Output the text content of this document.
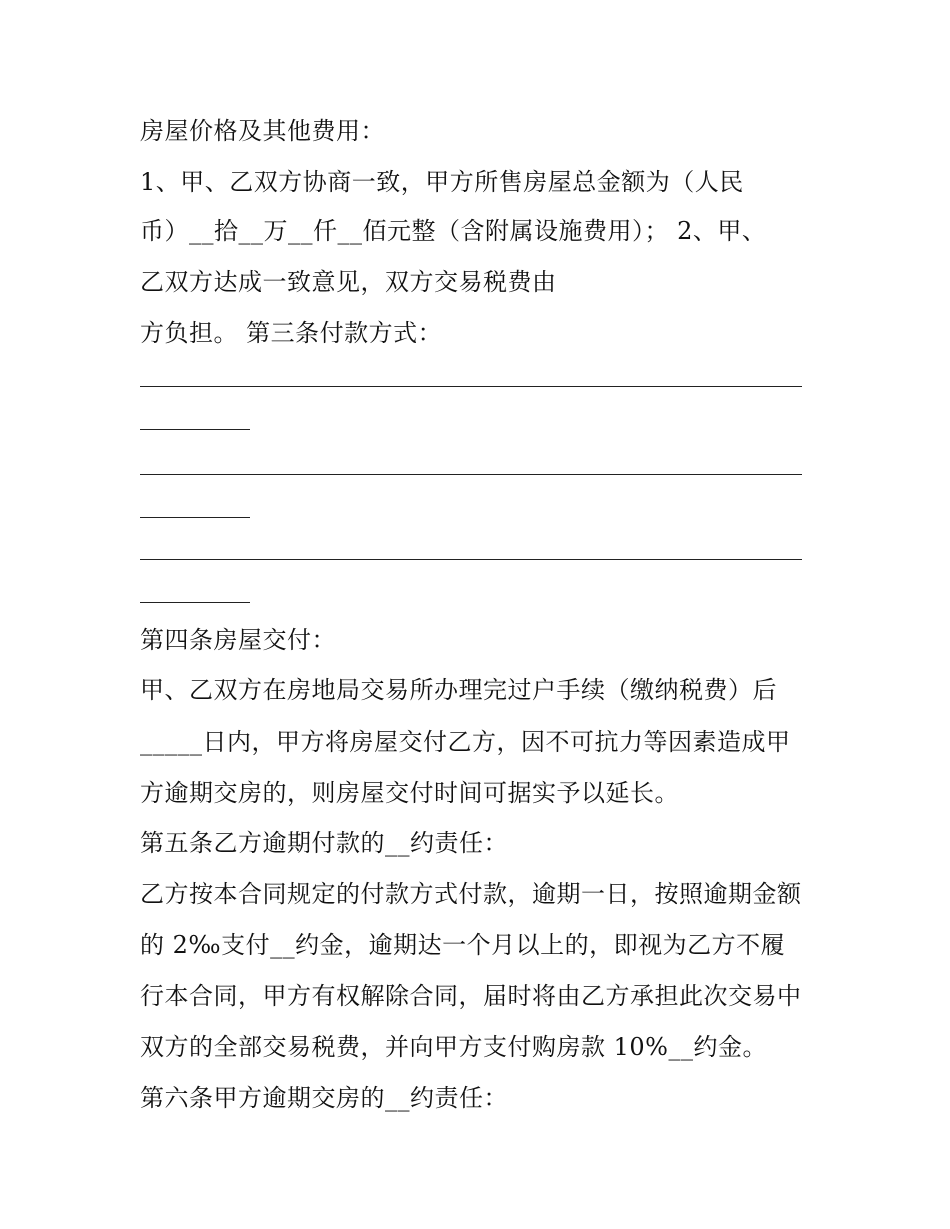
房屋价格及其他费用：
1、甲、乙双方协商一致，甲方所售房屋总金额为（人民
币）__拾__万__仟__佰元整（含附属设施费用）； 2、甲、
乙双方达成一致意见，双方交易税费由
方负担。 第三条付款方式：
第四条房屋交付：
甲、乙双方在房地局交易所办理完过户手续（缴纳税费）后
_____日内，甲方将房屋交付乙方，因不可抗力等因素造成甲
方逾期交房的，则房屋交付时间可据实予以延长。
第五条乙方逾期付款的__约责任：
乙方按本合同规定的付款方式付款，逾期一日，按照逾期金额
的 2‰支付__约金，逾期达一个月以上的，即视为乙方不履
行本合同，甲方有权解除合同，届时将由乙方承担此次交易中
双方的全部交易税费，并向甲方支付购房款 10%__约金。
第六条甲方逾期交房的__约责任：
